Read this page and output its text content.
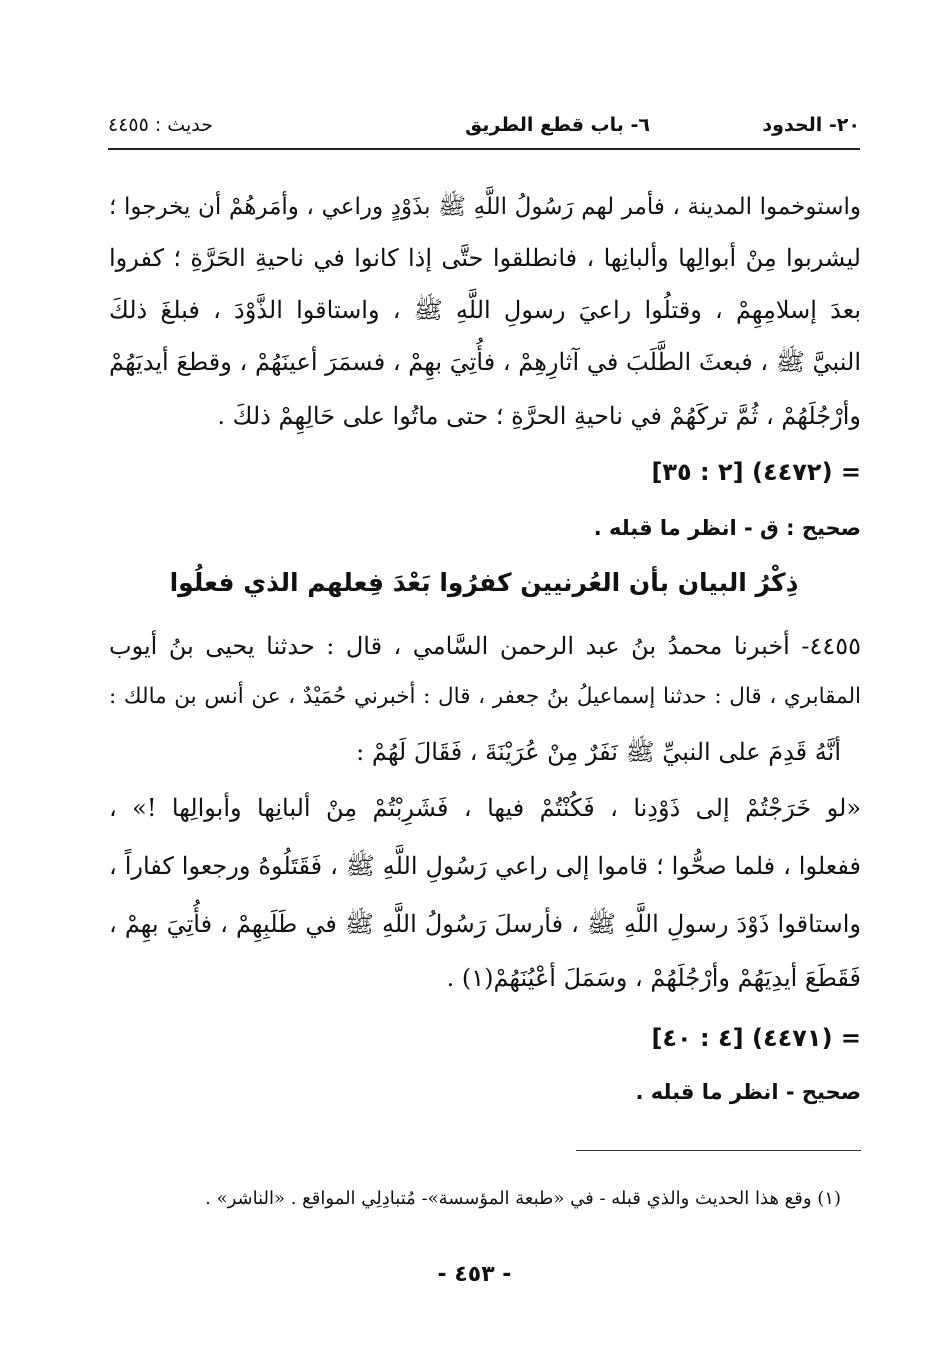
٢٠- الحدود
٦- باب قطع الطريق
حديث : ٤٤٥٥
واستوخموا المدينة ، فأمر لهم رَسُولُ اللَّهِ ﷺ بذَوْدٍ وراعي ، وأمَرهُمْ أن يخرجوا ؛
ليشربوا مِنْ أبوالِها وألبانِها ، فانطلقوا حتَّى إذا كانوا في ناحيةِ الحَرَّةِ ؛ كفروا
بعدَ إسلامِهِمْ ، وقتلُوا راعيَ رسولِ اللَّهِ ﷺ ، واستاقوا الذَّوْدَ ، فبلغَ ذلكَ
النبيَّ ﷺ ، فبعثَ الطَّلَبَ في آثارِهِمْ ، فأُتِيَ بهِمْ ، فسمَرَ أعينَهُمْ ، وقطعَ أيديَهُمْ
وأرْجُلَهُمْ ، ثُمَّ تركَهُمْ في ناحيةِ الحرَّةِ ؛ حتى ماتُوا على حَالِهِمْ ذلكَ .
= (٤٤٧٢) [٢ : ٣٥]
صحيح : ق - انظر ما قبله .
ذِكْرُ البيان بأن العُرنيين كفرُوا بَعْدَ فِعلهم الذي فعلُوا
٤٤٥٥- أخبرنا محمدُ بنُ عبد الرحمن السَّامي ، قال : حدثنا يحيى بنُ أيوب
المقابري ، قال : حدثنا إسماعيلُ بنُ جعفر ، قال : أخبرني حُمَيْدٌ ، عن أنس بن مالك :
أنَّهُ قَدِمَ على النبيِّ ﷺ نَفَرٌ مِنْ عُرَيْنَةَ ، فَقَالَ لَهُمْ :
«لو خَرَجْتُمْ إلى ذَوْدِنا ، فَكُنْتُمْ فيها ، فَشَرِبْتُمْ مِنْ ألبانِها وأبوالِها !» ،
ففعلوا ، فلما صحُّوا ؛ قاموا إلى راعي رَسُولِ اللَّهِ ﷺ ، فَقَتَلُوهُ ورجعوا كفاراً ،
واستاقوا ذَوْدَ رسولِ اللَّهِ ﷺ ، فأرسلَ رَسُولُ اللَّهِ ﷺ في طَلَبِهِمْ ، فأُتِيَ بهِمْ ،
فَقَطَعَ أيدِيَهُمْ وأرْجُلَهُمْ ، وسَمَلَ أعْيُنَهُمْ(١) .
= (٤٤٧١) [٤ : ٤٠]
صحيح - انظر ما قبله .
(١) وقع هذا الحديث والذي قبله - في «طبعة المؤسسة»- مُتبادِلِي المواقع . «الناشر» .
- ٤٥٣ -
